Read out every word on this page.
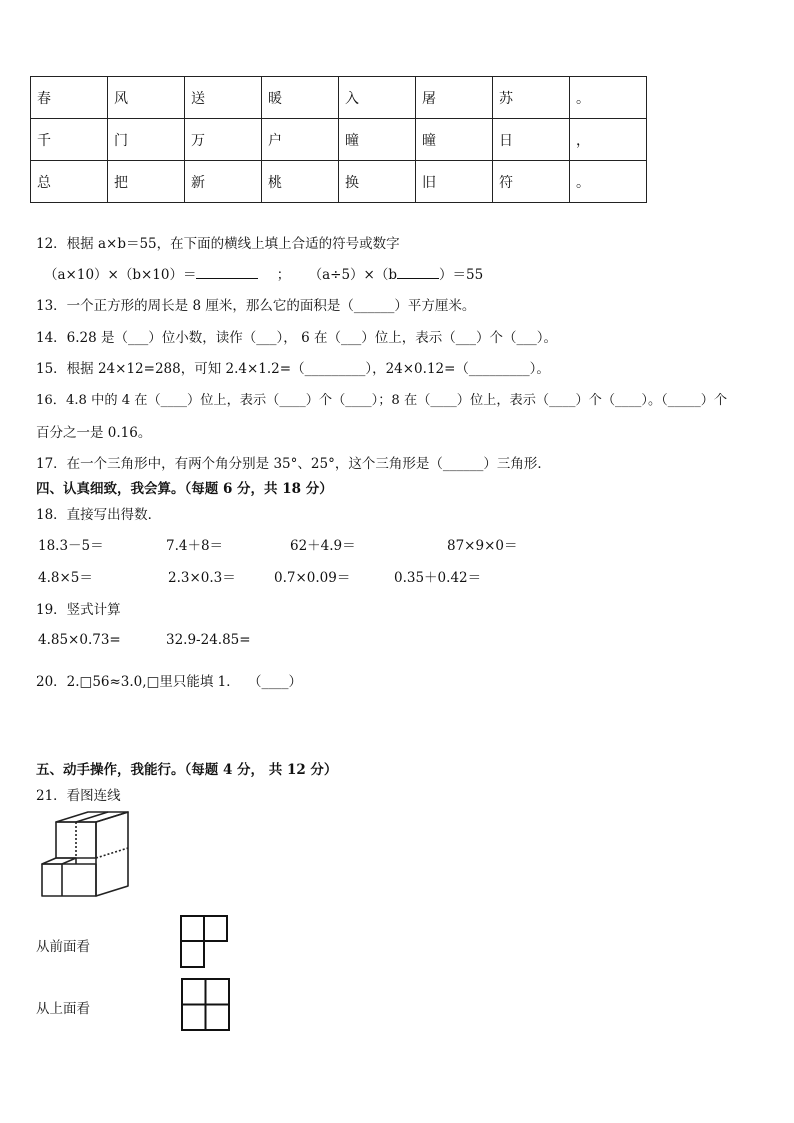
春	风	送	暖	入	屠	苏	。
千	门	万	户	曈	曈	日	，
总	把	新	桃	换	旧	符	。
12．根据 a×b＝55，在下面的横线上填上合适的符号或数字
（a×10）×（b×10）＝	； （a÷5）×（b	）＝55
13．一个正方形的周长是 8 厘米，那么它的面积是（______）平方厘米。
14．6.28 是（___）位小数，读作（___）， 6 在（___）位上，表示（___）个（___）。
15．根据 24×12=288，可知 2.4×1.2=（_________），24×0.12=（_________）。
16．4.8 中的 4 在（____）位上，表示（____）个（____）；8 在（____）位上，表示（____）个（____）。（_____）个
百分之一是 0.16。
17．在一个三角形中，有两个角分别是 35°、25°，这个三角形是（______）三角形．
四、认真细致，我会算。（每题 6 分，共 18 分）
18．直接写出得数．
18.3－5＝	7.4＋8＝	62＋4.9＝	87×9×0＝
4.8×5＝	2.3×0.3＝	0.7×0.09＝	0.35＋0.42＝
19．竖式计算
4.85×0.73=	32.9-24.85=
20．2.□56≈3.0,□里只能填 1． （____）
五、动手操作，我能行。（每题 4 分， 共 12 分）
21．看图连线
从前面看
从上面看
